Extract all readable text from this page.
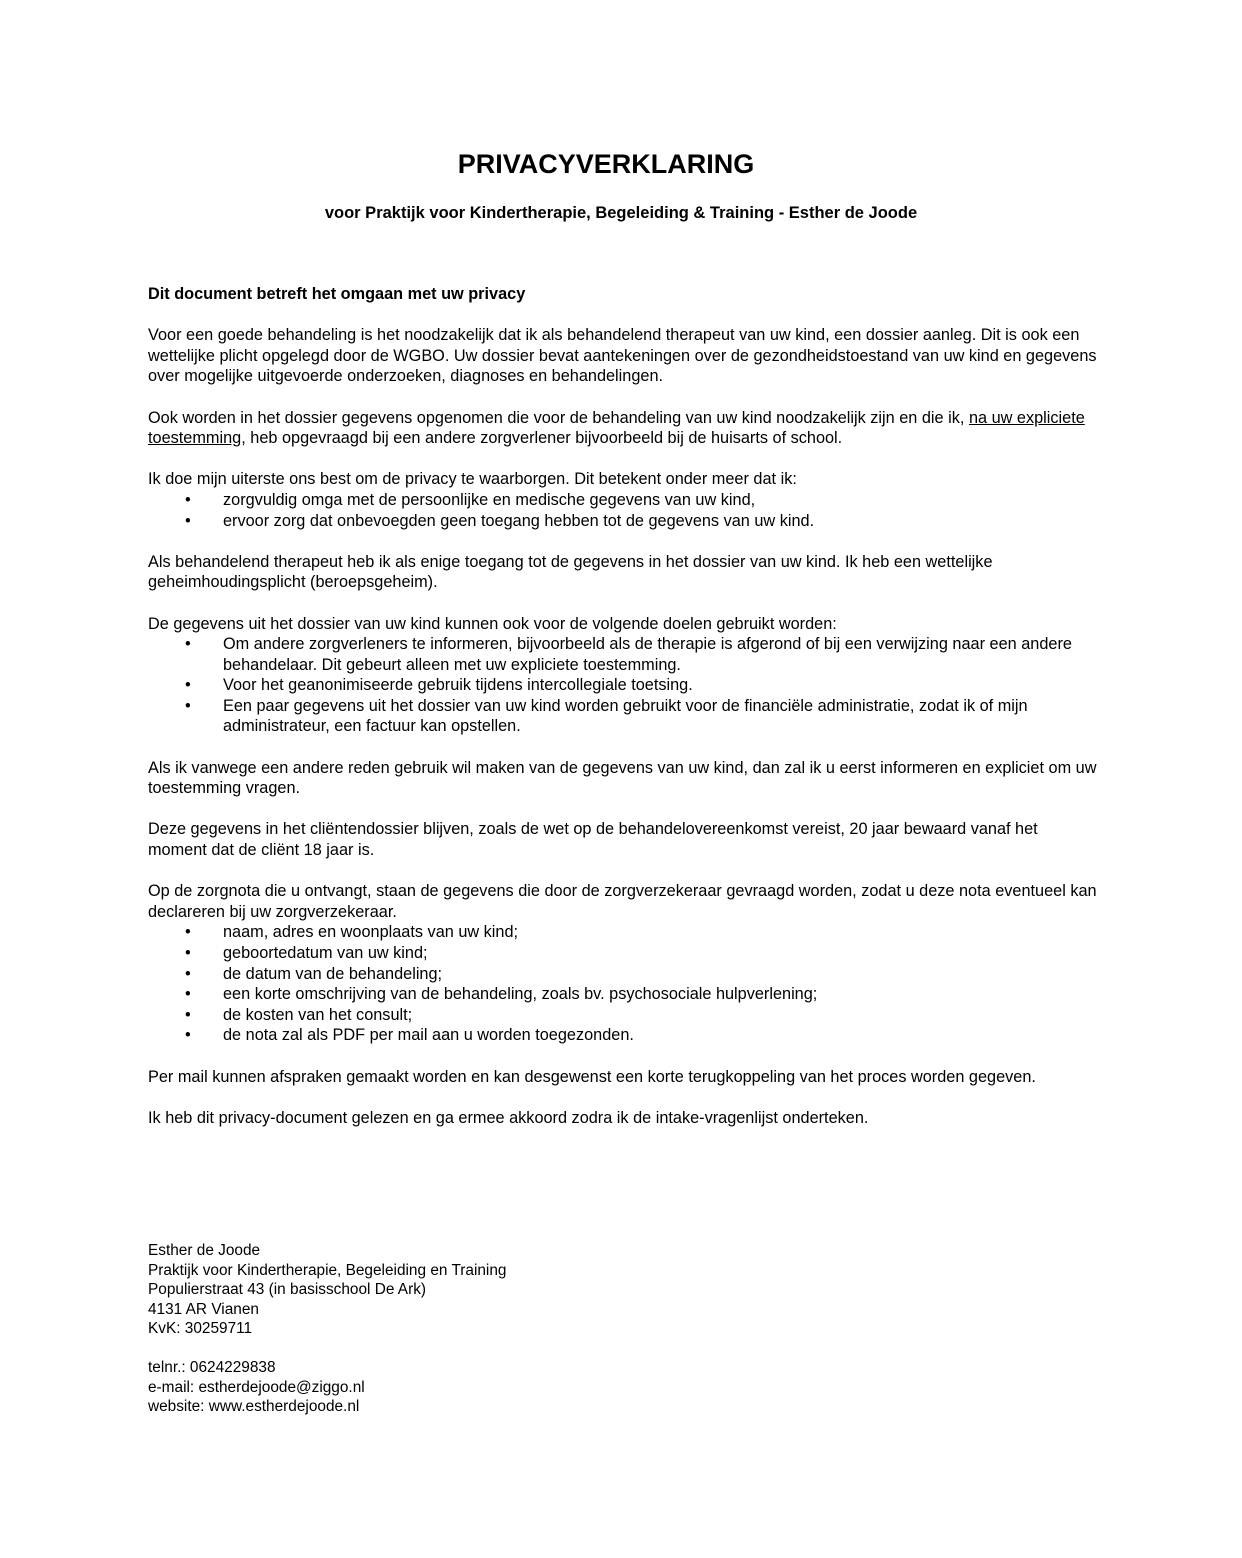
PRIVACYVERKLARING

voor Praktijk voor Kindertherapie, Begeleiding & Training - Esther de Joode

Dit document betreft het omgaan met uw privacy

Voor een goede behandeling is het noodzakelijk dat ik als behandelend therapeut van uw kind, een dossier aanleg. Dit is ook een wettelijke plicht opgelegd door de WGBO. Uw dossier bevat aantekeningen over de gezondheidstoestand van uw kind en gegevens over mogelijke uitgevoerde onderzoeken, diagnoses en behandelingen.

Ook worden in het dossier gegevens opgenomen die voor de behandeling van uw kind noodzakelijk zijn en die ik, na uw expliciete toestemming, heb opgevraagd bij een andere zorgverlener bijvoorbeeld bij de huisarts of school.

Ik doe mijn uiterste ons best om de privacy te waarborgen. Dit betekent onder meer dat ik:

• zorgvuldig omga met de persoonlijke en medische gegevens van uw kind,
• ervoor zorg dat onbevoegden geen toegang hebben tot de gegevens van uw kind.

Als behandelend therapeut heb ik als enige toegang tot de gegevens in het dossier van uw kind. Ik heb een wettelijke geheimhoudingsplicht (beroepsgeheim).

De gegevens uit het dossier van uw kind kunnen ook voor de volgende doelen gebruikt worden:

• Om andere zorgverleners te informeren, bijvoorbeeld als de therapie is afgerond of bij een verwijzing naar een andere behandelaar. Dit gebeurt alleen met uw expliciete toestemming.
• Voor het geanonimiseerde gebruik tijdens intercollegiale toetsing.
• Een paar gegevens uit het dossier van uw kind worden gebruikt voor de financiële administratie, zodat ik of mijn administrateur, een factuur kan opstellen.

Als ik vanwege een andere reden gebruik wil maken van de gegevens van uw kind, dan zal ik u eerst informeren en expliciet om uw toestemming vragen.

Deze gegevens in het cliëntendossier blijven, zoals de wet op de behandelovereenkomst vereist, 20 jaar bewaard vanaf het moment dat de cliënt 18 jaar is.

Op de zorgnota die u ontvangt, staan de gegevens die door de zorgverzekeraar gevraagd worden, zodat u deze nota eventueel kan declareren bij uw zorgverzekeraar.

• naam, adres en woonplaats van uw kind;
• geboortedatum van uw kind;
• de datum van de behandeling;
• een korte omschrijving van de behandeling, zoals bv. psychosociale hulpverlening;
• de kosten van het consult;
• de nota zal als PDF per mail aan u worden toegezonden.

Per mail kunnen afspraken gemaakt worden en kan desgewenst een korte terugkoppeling van het proces worden gegeven.

Ik heb dit privacy-document gelezen en ga ermee akkoord zodra ik de intake-vragenlijst onderteken.

Esther de Joode

Praktijk voor Kindertherapie, Begeleiding en Training

Populierstraat 43 (in basisschool De Ark)

4131 AR Vianen

KvK: 30259711

telnr.: 0624229838

e-mail: estherdejoode@ziggo.nl

website: www.estherdejoode.nl
